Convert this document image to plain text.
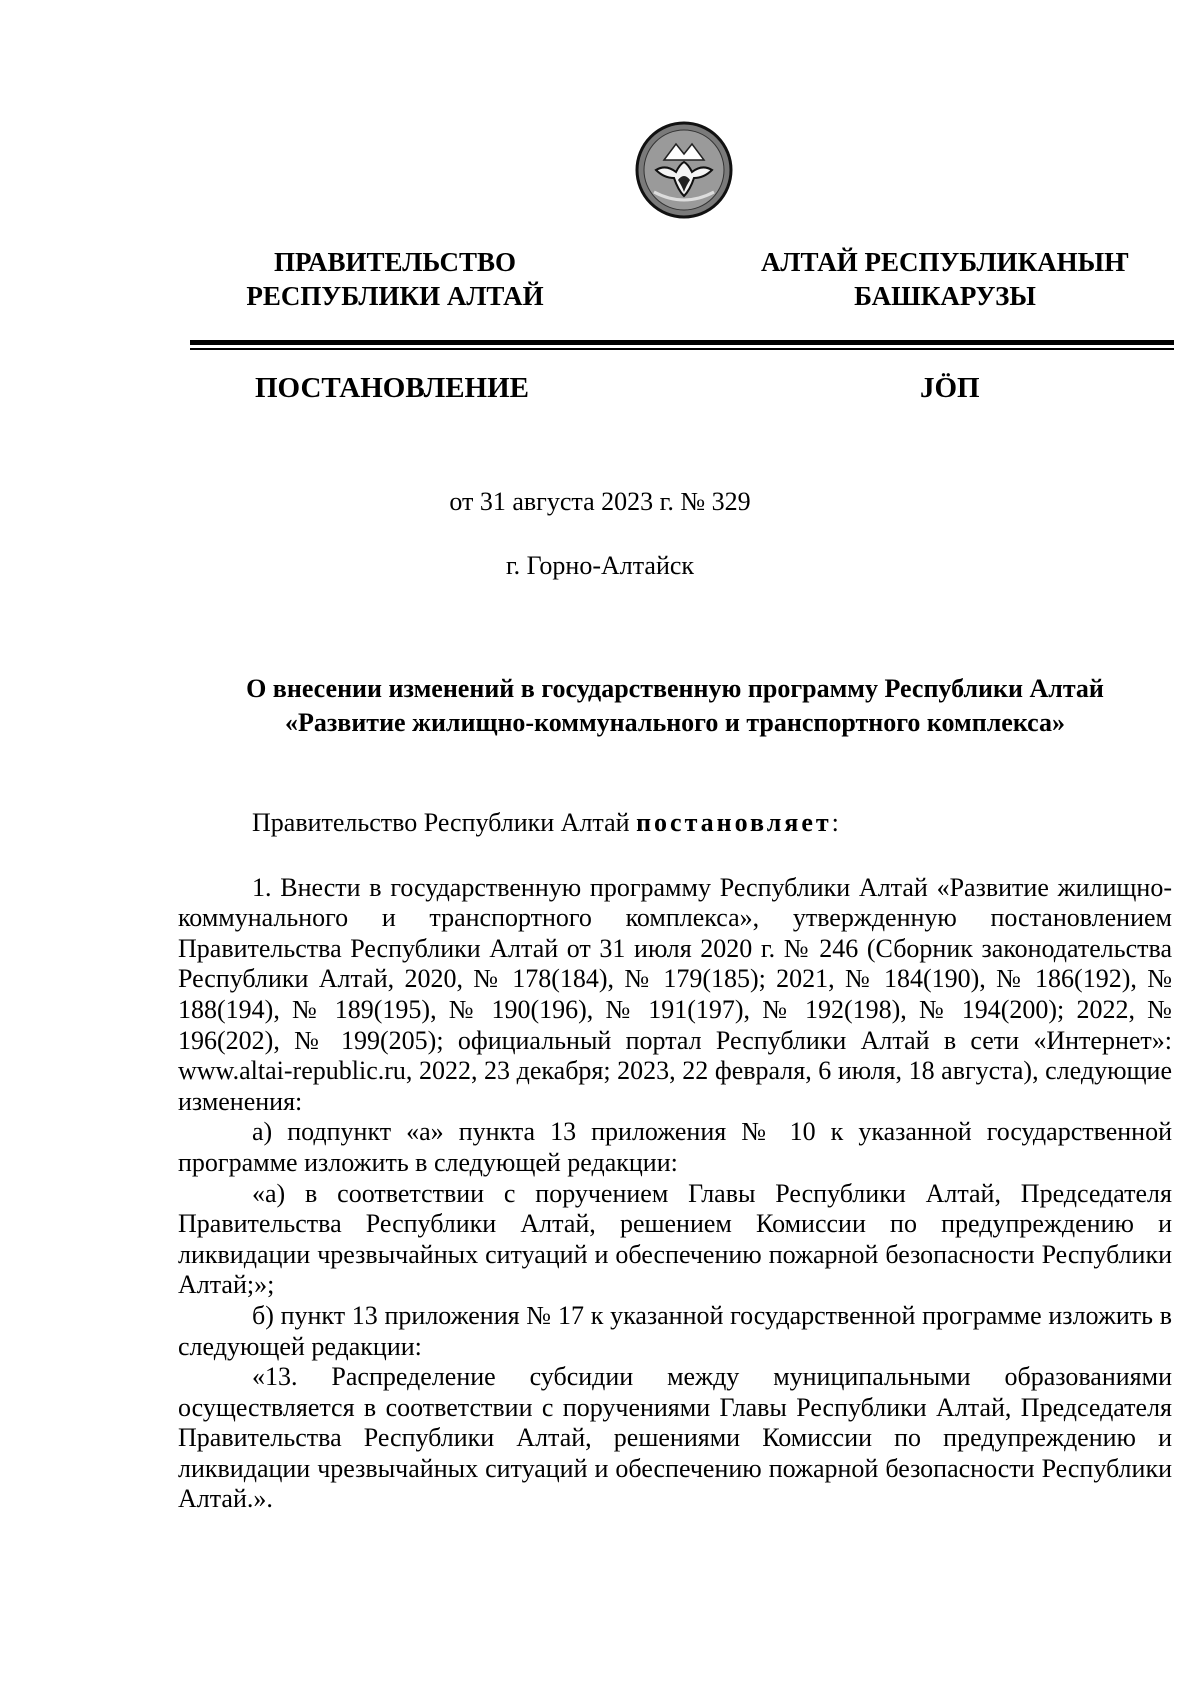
ПРАВИТЕЛЬСТВО
РЕСПУБЛИКИ АЛТАЙ
АЛТАЙ РЕСПУБЛИКАНЫҤ
БАШКАРУЗЫ
ПОСТАНОВЛЕНИЕ	JÖП
от 31 августа 2023 г. № 329
г. Горно-Алтайск
О внесении изменений в государственную программу Республики Алтай
«Развитие жилищно-коммунального и транспортного комплекса»

Правительство Республики Алтай постановляет:

1. Внести в государственную программу Республики Алтай «Развитие жилищно-коммунального и транспортного комплекса», утвержденную постановлением Правительства Республики Алтай от 31 июля 2020 г. № 246 (Сборник законодательства Республики Алтай, 2020, № 178(184), № 179(185); 2021, № 184(190), № 186(192), № 188(194), № 189(195), № 190(196), № 191(197), № 192(198), № 194(200); 2022, № 196(202), № 199(205); официальный портал Республики Алтай в сети «Интернет»: www.altai-republic.ru, 2022, 23 декабря; 2023, 22 февраля, 6 июля, 18 августа), следующие изменения:

а) подпункт «а» пункта 13 приложения № 10 к указанной государственной программе изложить в следующей редакции:

«а) в соответствии с поручением Главы Республики Алтай, Председателя Правительства Республики Алтай, решением Комиссии по предупреждению и ликвидации чрезвычайных ситуаций и обеспечению пожарной безопасности Республики Алтай;»;

б) пункт 13 приложения № 17 к указанной государственной программе изложить в следующей редакции:

«13. Распределение субсидии между муниципальными образованиями осуществляется в соответствии с поручениями Главы Республики Алтай, Председателя Правительства Республики Алтай, решениями Комиссии по предупреждению и ликвидации чрезвычайных ситуаций и обеспечению пожарной безопасности Республики Алтай.».
